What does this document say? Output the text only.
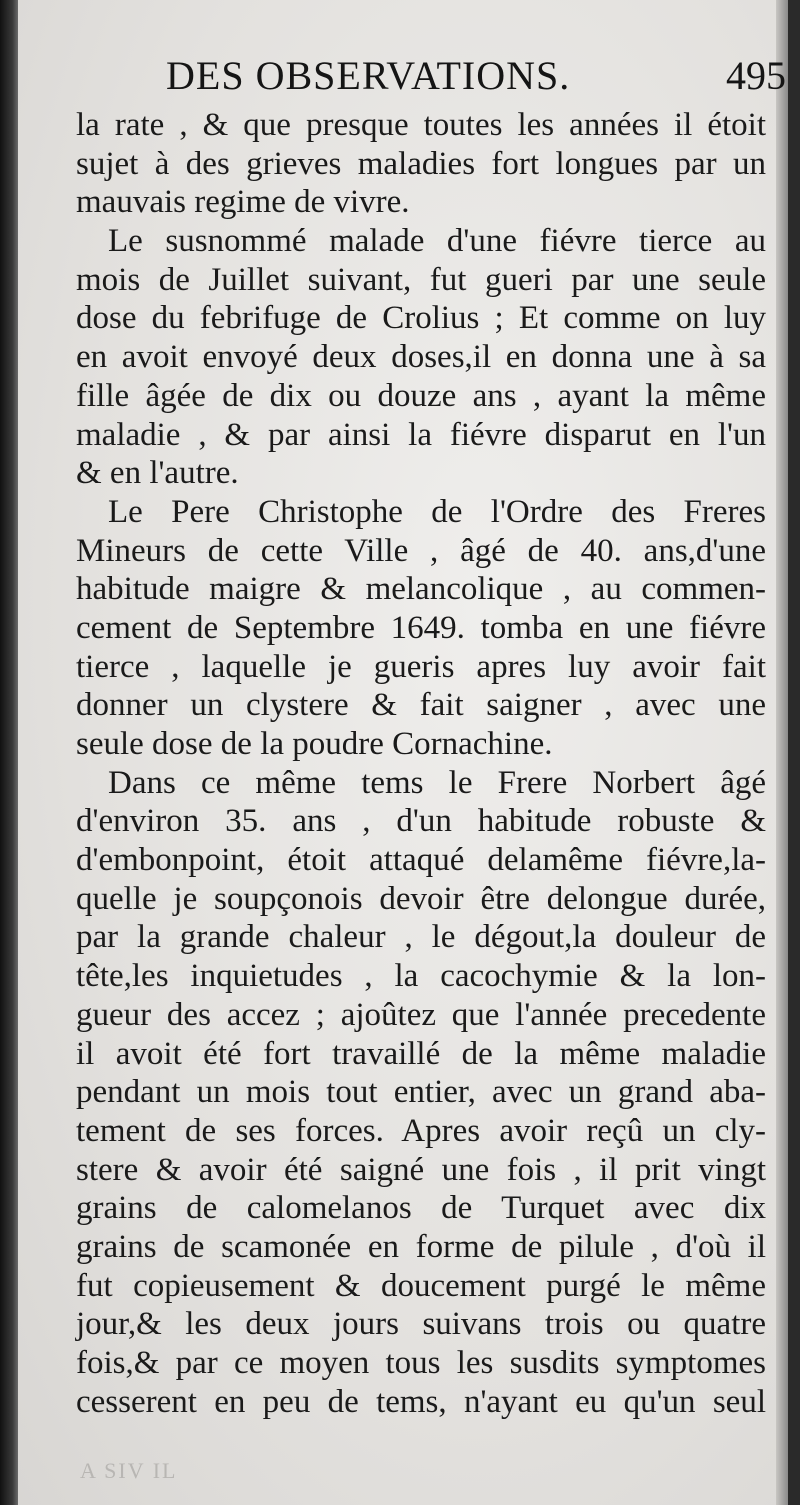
DES OBSERVATIONS.	495
la rate , & que presque toutes les années il étoit
sujet à des grieves maladies fort longues par un
mauvais regime de vivre.
Le susnommé malade d'une fiévre tierce au
mois de Juillet suivant, fut gueri par une seule
dose du febrifuge de Crolius ; Et comme on luy
en avoit envoyé deux doses,il en donna une à sa
fille âgée de dix ou douze ans , ayant la même
maladie , & par ainsi la fiévre disparut en l'un
& en l'autre.
Le Pere Christophe de l'Ordre des Freres
Mineurs de cette Ville , âgé de 40. ans,d'une
habitude maigre & melancolique , au commen-
cement de Septembre 1649. tomba en une fiévre
tierce , laquelle je gueris apres luy avoir fait
donner un clystere & fait saigner , avec une
seule dose de la poudre Cornachine.
Dans ce même tems le Frere Norbert âgé
d'environ 35. ans , d'un habitude robuste &
d'embonpoint, étoit attaqué delamême fiévre,la-
quelle je soupçonois devoir être delongue durée,
par la grande chaleur , le dégout,la douleur de
tête,les inquietudes , la cacochymie & la lon-
gueur des accez ; ajoûtez que l'année precedente
il avoit été fort travaillé de la même maladie
pendant un mois tout entier, avec un grand aba-
tement de ses forces. Apres avoir reçû un cly-
stere & avoir été saigné une fois , il prit vingt
grains de calomelanos de Turquet avec dix
grains de scamonée en forme de pilule , d'où il
fut copieusement & doucement purgé le même
jour,& les deux jours suivans trois ou quatre
fois,& par ce moyen tous les susdits symptomes
cesserent en peu de tems, n'ayant eu qu'un seul
A SIV IL
